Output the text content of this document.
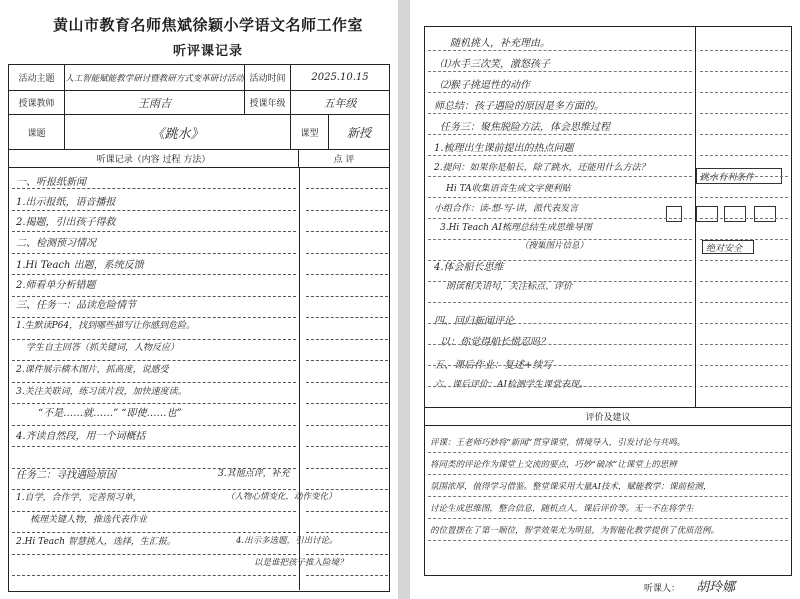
黄山市教育名师焦斌徐颖小学语文名师工作室
听评课记录
活动主题	人工智能赋能教学研讨暨教研方式变革研讨活动 活动时间	2025.10.15
授课教师	王雨吉	授课年级	五年级
课题	《跳水》	课型	新授
听课记录（内容 过程 方法）	点 评
一、听报纸新闻
1.出示报纸，语音播报
2.揭题，引出孩子得救
二、检测预习情况
1.Hi Teach 出题，系统反馈
2.师看单分析错题
三、任务一：品读危险情节
1.生默读P64，找到哪些描写让你感到危险。
学生自主回答（抓关键词，人物反应）
2.课件展示横木图片，抓高度，说感受
3.关注关联词，练习读片段，加快速度读。
“不是……就……” “即使……也”
4.齐读自然段，用一个词概括
任务二：寻找遇险原因	3.其他点评，补充
1.自学，合作学，完善预习单，	（人物心情变化，动作变化）
梳理关键人物，推选代表作业
2.Hi Teach 智慧挑人，选择，生汇报。	4.出示多选题，引出讨论。
以是谁把孩子推入险境？
随机挑人，补充理由。
⑴水手三次笑，激怒孩子
⑵猴子挑逗性的动作
师总结：孩子遇险的原因是多方面的。
任务三：聚焦脱险方法，体会思维过程
1.梳理出生课前提出的热点问题
2.提问：如果你是船长，除了跳水，还能用什么方法？
Hi TA收集语音生成文字便利贴
小组合作：读-想-写-讲，派代表发言
3.Hi Teach AI梳理总结生成思维导图
（搜集图片信息）
4.体会船长思维
朗读相关语句，关注标点、评价
四、回归新闻评论
以：你觉得船长慌忍吗？
五、课后作业：复述+续写
六、课后评价：AI检测学生课堂表现。
跳水有利条件
绝对安全
评价及建议
评课：王老师巧妙将“新闻”贯穿课堂，情境导入，引发讨论与共鸣。
将同类的评论作为课堂上交流的要点，巧妙“破冰”让课堂上的思辨
氛围浓厚，值得学习借鉴。整堂课采用大量AI技术，赋能教学：课前检测，
讨论生成思维图，整合信息，随机点人，课后评价等。无一不在将学生
的位置摆在了第一顺位，智学效果尤为明显，为智能化教学提供了优质范例。
听课人： 胡玲娜
